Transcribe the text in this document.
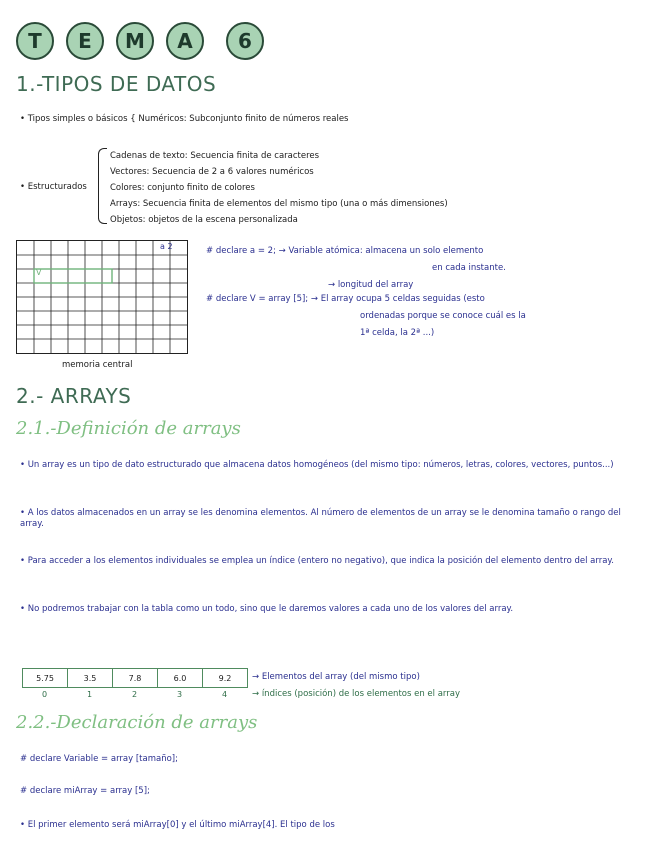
T	E	M	A	6
1.-TIPOS DE DATOS
• Tipos simples o básicos { Numéricos: Subconjunto finito de números reales
• Estructurados
Cadenas de texto: Secuencia finita de caracteres
Vectores: Secuencia de 2 a 6 valores numéricos
Colores: conjunto finito de colores
Arrays: Secuencia finita de elementos del mismo tipo (una o más dimensiones)
Objetos: objetos de la escena personalizada
a 2
V
memoria central
# declare a = 2; → Variable atómica: almacena un solo elemento
en cada instante.
→ longitud del array
# declare V = array [5]; → El array ocupa 5 celdas seguidas (esto
ordenadas porque se conoce cuál es la
1ª celda, la 2ª ...)
2.- ARRAYS
2.1.-Definición de arrays
• Un array es un tipo de dato estructurado que almacena datos homogéneos (del mismo tipo: números, letras, colores, vectores, puntos...)
• A los datos almacenados en un array se les denomina elementos. Al número de elementos de un array se le denomina tamaño o rango del array.
• Para acceder a los elementos individuales se emplea un índice (entero no negativo), que indica la posición del elemento dentro del array.
• No podremos trabajar con la tabla como un todo, sino que le daremos valores a cada uno de los valores del array.
5.75	3.5	7.8	6.0	9.2
0	1	2	3	4
→ Elementos del array (del mismo tipo)
→ índices (posición) de los elementos en el array
2.2.-Declaración de arrays
# declare Variable = array [tamaño];
# declare miArray = array [5];
• El primer elemento será miArray[0] y el último miArray[4]. El tipo de los
